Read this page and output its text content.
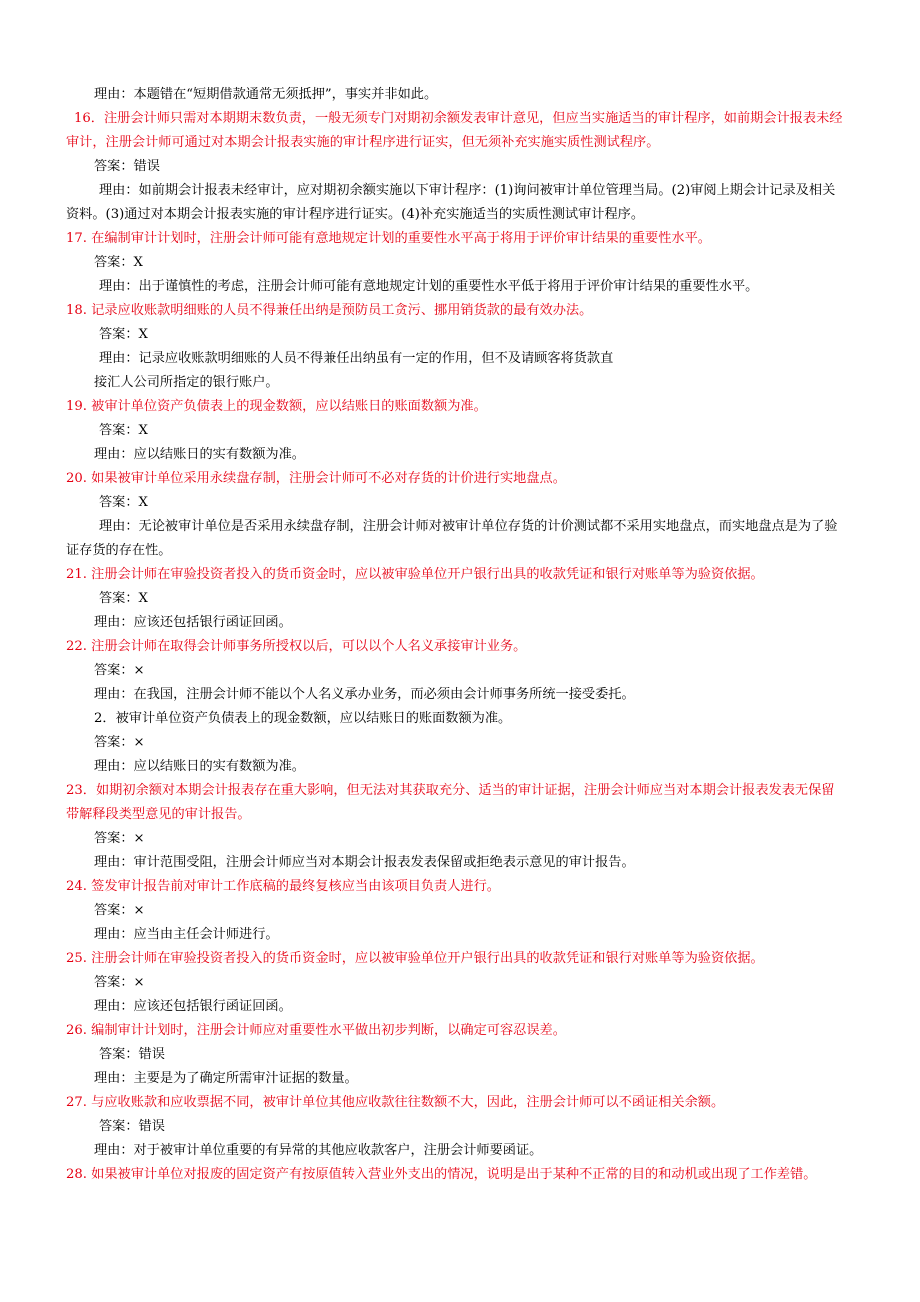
理由：本题错在“短期借款通常无须抵押”，事实并非如此。
16．注册会计师只需对本期期末数负责，一般无须专门对期初余额发表审计意见，但应当实施适当的审计程序，如前期会计报表未经
审计，注册会计师可通过对本期会计报表实施的审计程序进行证实，但无须补充实施实质性测试程序。
答案：错误
理由：如前期会计报表未经审计，应对期初余额实施以下审计程序：(1)询问被审计单位管理当局。(2)审阅上期会计记录及相关
资料。(3)通过对本期会计报表实施的审计程序进行证实。(4)补充实施适当的实质性测试审计程序。
17. 在编制审计计划时，注册会计师可能有意地规定计划的重要性水平高于将用于评价审计结果的重要性水平。
答案：X
理由：出于谨慎性的考虑，注册会计师可能有意地规定计划的重要性水平低于将用于评价审计结果的重要性水平。
18. 记录应收账款明细账的人员不得兼任出纳是预防员工贪污、挪用销货款的最有效办法。
答案：X
理由：记录应收账款明细账的人员不得兼任出纳虽有一定的作用，但不及请顾客将货款直
接汇人公司所指定的银行账户。
19. 被审计单位资产负债表上的现金数额，应以结账日的账面数额为准。
答案：X
理由：应以结账日的实有数额为准。
20. 如果被审计单位采用永续盘存制，注册会计师可不必对存货的计价进行实地盘点。
答案：X
理由：无论被审计单位是否采用永续盘存制，注册会计师对被审计单位存货的计价测试都不采用实地盘点，而实地盘点是为了验
证存货的存在性。
21. 注册会计师在审验投资者投入的货币资金时，应以被审验单位开户银行出具的收款凭证和银行对账单等为验资依据。
答案：X
理由：应该还包括银行函证回函。
22. 注册会计师在取得会计师事务所授权以后，可以以个人名义承接审计业务。
答案：×
理由：在我国，注册会计师不能以个人名义承办业务，而必须由会计师事务所统一接受委托。
2．被审计单位资产负债表上的现金数额，应以结账日的账面数额为准。
答案：×
理由：应以结账日的实有数额为准。
23．如期初余额对本期会计报表存在重大影响，但无法对其获取充分、适当的审计证据，注册会计师应当对本期会计报表发表无保留
带解释段类型意见的审计报告。
答案：×
理由：审计范围受阻，注册会计师应当对本期会计报表发表保留或拒绝表示意见的审计报告。
24. 签发审计报告前对审计工作底稿的最终复核应当由该项目负责人进行。
答案：×
理由：应当由主任会计师进行。
25. 注册会计师在审验投资者投入的货币资金时，应以被审验单位开户银行出具的收款凭证和银行对账单等为验资依据。
答案：×
理由：应该还包括银行函证回函。
26. 编制审计计划时，注册会计师应对重要性水平做出初步判断，以确定可容忍误差。
答案：错误
理由：主要是为了确定所需审汁证据的数量。
27. 与应收账款和应收票据不同，被审计单位其他应收款往往数额不大，因此，注册会计师可以不函证相关余额。
答案：错误
理由：对于被审计单位重要的有异常的其他应收款客户，注册会计师要函证。
28. 如果被审计单位对报废的固定资产有按原值转入营业外支出的情况，说明是出于某种不正常的目的和动机或出现了工作差错。
